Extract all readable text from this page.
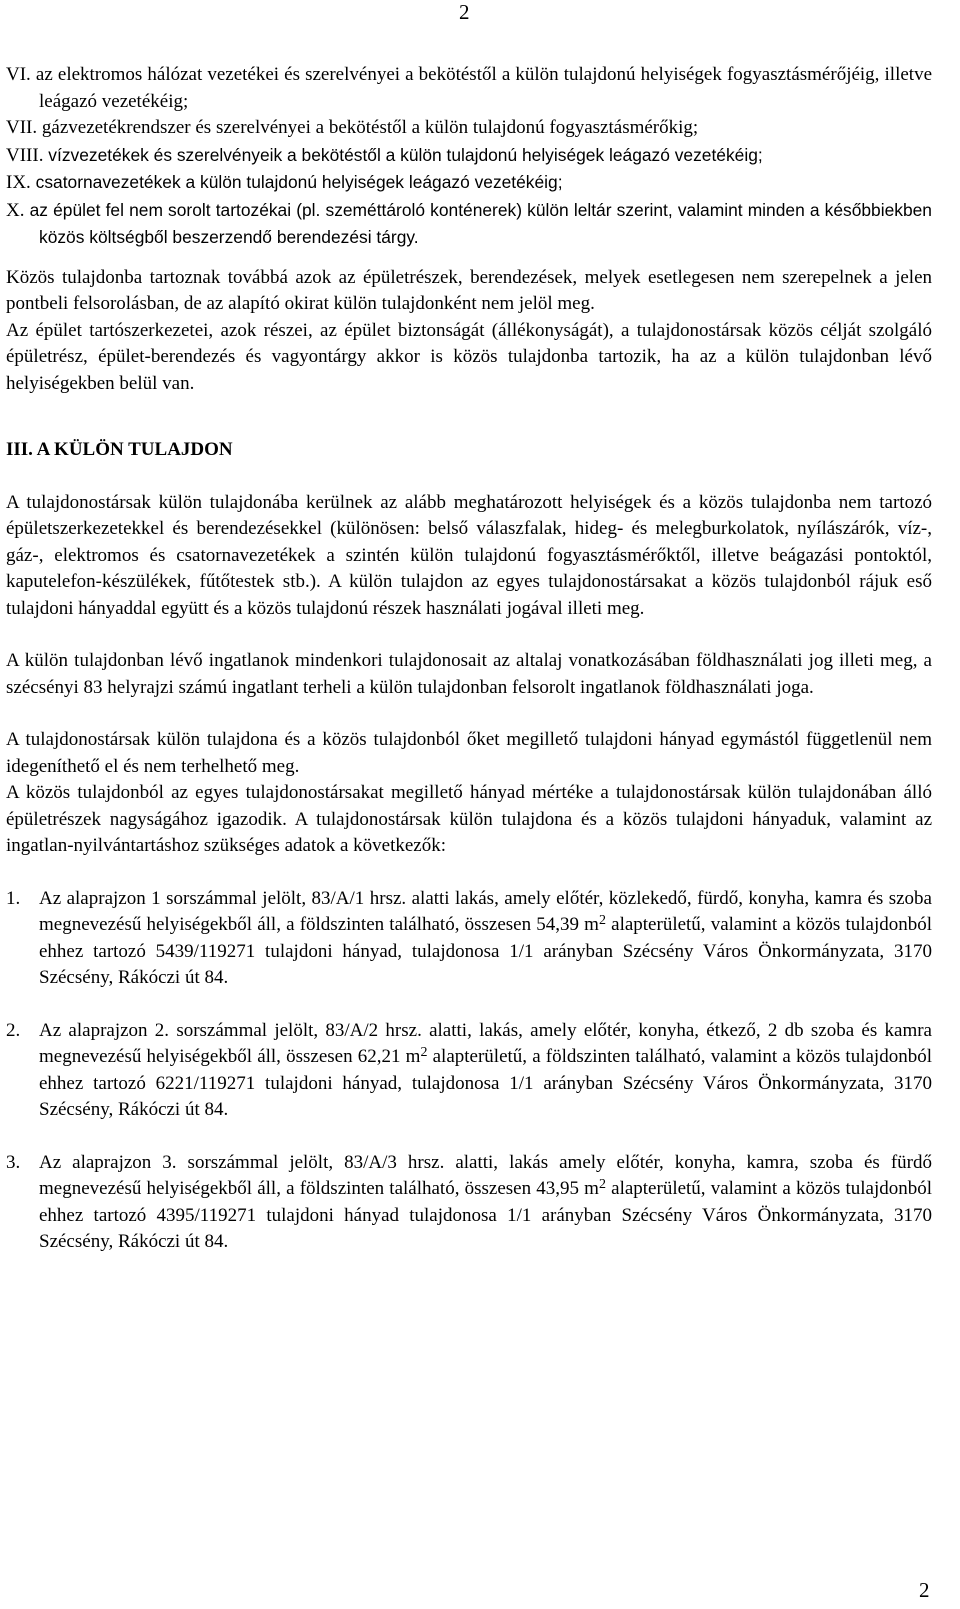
2
VI. az elektromos hálózat vezetékei és szerelvényei a bekötéstől a külön tulajdonú helyiségek fogyasztásmérőjéig, illetve leágazó vezetékéig;
VII. gázvezetékrendszer és szerelvényei a bekötéstől a külön tulajdonú fogyasztásmérőkig;
VIII. vízvezetékek és szerelvényeik a bekötéstől a külön tulajdonú helyiségek leágazó vezetékéig;
IX. csatornavezetékek a külön tulajdonú helyiségek leágazó vezetékéig;
X. az épület fel nem sorolt tartozékai (pl. szeméttároló konténerek) külön leltár szerint, valamint minden a későbbiekben közös költségből beszerzendő berendezési tárgy.

Közös tulajdonba tartoznak továbbá azok az épületrészek, berendezések, melyek esetlegesen nem szerepelnek a jelen pontbeli felsorolásban, de az alapító okirat külön tulajdonként nem jelöl meg.

Az épület tartószerkezetei, azok részei, az épület biztonságát (állékonyságát), a tulajdonostársak közös célját szolgáló épületrész, épület-berendezés és vagyontárgy akkor is közös tulajdonba tartozik, ha az a külön tulajdonban lévő helyiségekben belül van.

III. A KÜLÖN TULAJDON

A tulajdonostársak külön tulajdonába kerülnek az alább meghatározott helyiségek és a közös tulajdonba nem tartozó épületszerkezetekkel és berendezésekkel (különösen: belső válaszfalak, hideg- és melegburkolatok, nyílászárók, víz-, gáz-, elektromos és csatornavezetékek a szintén külön tulajdonú fogyasztásmérőktől, illetve beágazási pontoktól, kaputelefon-készülékek, fűtőtestek stb.). A külön tulajdon az egyes tulajdonostársakat a közös tulajdonból rájuk eső tulajdoni hányaddal együtt és a közös tulajdonú részek használati jogával illeti meg.

A külön tulajdonban lévő ingatlanok mindenkori tulajdonosait az altalaj vonatkozásában földhasználati jog illeti meg, a szécsényi 83 helyrajzi számú ingatlant terheli a külön tulajdonban felsorolt ingatlanok földhasználati joga.

A tulajdonostársak külön tulajdona és a közös tulajdonból őket megillető tulajdoni hányad egymástól függetlenül nem idegeníthető el és nem terhelhető meg.

A közös tulajdonból az egyes tulajdonostársakat megillető hányad mértéke a tulajdonostársak külön tulajdonában álló épületrészek nagyságához igazodik. A tulajdonostársak külön tulajdona és a közös tulajdoni hányaduk, valamint az ingatlan-nyilvántartáshoz szükséges adatok a következők:

1. Az alaprajzon 1 sorszámmal jelölt, 83/A/1 hrsz. alatti lakás, amely előtér, közlekedő, fürdő, konyha, kamra és szoba megnevezésű helyiségekből áll, a földszinten található, összesen 54,39 $m^2$ alapterületű, valamint a közös tulajdonból ehhez tartozó 5439/119271 tulajdoni hányad, tulajdonosa 1/1 arányban Szécsény Város Önkormányzata, 3170 Szécsény, Rákóczi út 84.
2. Az alaprajzon 2. sorszámmal jelölt, 83/A/2 hrsz. alatti, lakás, amely előtér, konyha, étkező, 2 db szoba és kamra megnevezésű helyiségekből áll, összesen 62,21 $m^2$ alapterületű, a földszinten található, valamint a közös tulajdonból ehhez tartozó 6221/119271 tulajdoni hányad, tulajdonosa 1/1 arányban Szécsény Város Önkormányzata, 3170 Szécsény, Rákóczi út 84.
3. Az alaprajzon 3. sorszámmal jelölt, 83/A/3 hrsz. alatti, lakás amely előtér, konyha, kamra, szoba és fürdő megnevezésű helyiségekből áll, a földszinten található, összesen 43,95 $m^2$ alapterületű, valamint a közös tulajdonból ehhez tartozó 4395/119271 tulajdoni hányad tulajdonosa 1/1 arányban Szécsény Város Önkormányzata, 3170 Szécsény, Rákóczi út 84.
2
